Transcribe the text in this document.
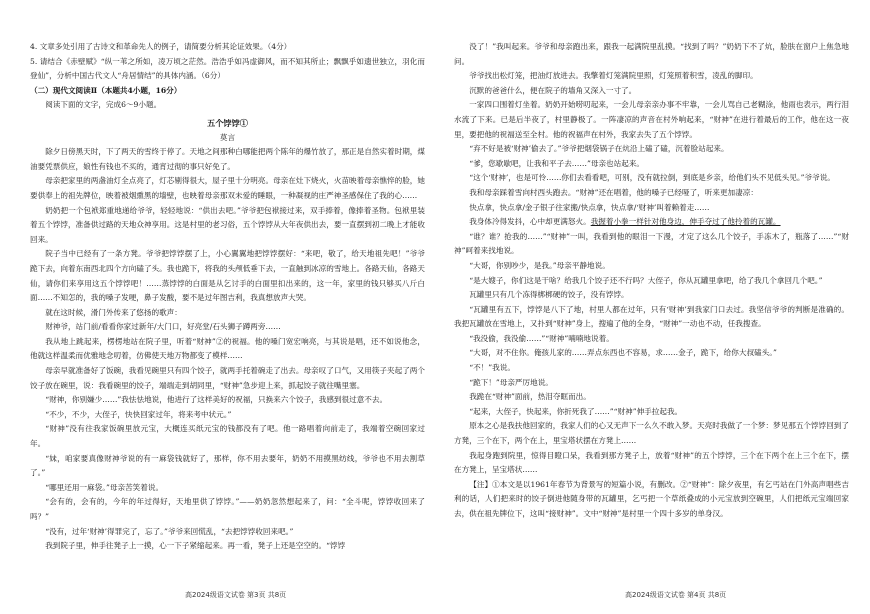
4. 文章多处引用了古诗文和革命先人的例子，请简要分析其论证效果。（4分）

5. 请结合《赤壁赋》“纵一苇之所如，凌万顷之茫然。浩浩乎如冯虚御风，而不知其所止；飘飘乎如遗世独立，羽化而登仙”，分析中国古代文人“舟居情结”的具体内涵。（6分）

（二）现代文阅读Ⅱ（本题共4小题，16分）

阅读下面的文字，完成6～9小题。

五个饽饽①

莫言

除夕日傍黑天时，下了两天的雪终于停了。天地之间那种白哪能把两个陈年的爆竹放了，那正是自然实着时期，煤油要凭票供应，娘性有钱也不买的，通宵过彻的事只好免了。

母亲把家里的两盏油灯全点亮了，灯芯剔得很大，屋子里十分明亮。母亲在灶下烧火，火苗映着母亲憔悴的脸，她要供奉上的祖先牌位，映着被烟熏黑的墙壁，也映着母亲那双未爱的睡眼，一种凝视的庄严神圣感保住了我的心……

奶奶把一个包袱郑重地递给爷爷，轻轻地说：“供出去吧。”爷爷把包袱接过来，双手捧着，像捧着圣物。包袱里装着五个饽饽，准备供过路的天地众神享用。这是村里的老习俗，五个饽饽从大年夜供出去，要一直摆到初二晚上才能收回来。

院子当中已经有了一条方凳。爷爷把饽饽摆了上，小心翼翼地把饽饽摆好：“来吧，敬了，给天地祖先吧！”爷爷跪下去，向着东南西北四个方向磕了头。我也跪下，将我的头颅低垂下去，一直触到冰凉的雪地上。各路天仙，各路天仙，请你们来享用这五个饽饽吧！……蒸饽饽的白面是从乞讨手的白面里扣出来的，这一年，家里的钱只够买八斤白面……不知怎的，我的嗓子发哽，鼻子发酸，要不是过年图吉利，我真想放声大哭。

就在这时候，滑门外传来了悠扬的歌声：

财神爷，站门前/看看你家过新年/大门口，好亮堂/石头狮子蹲两旁……

我从地上跳起来，楞楞地站在院子里，听着“财神”②的祝福。他的嗓门宽宏响亮，与其说是唱，还不如说他念，他就这样温柔而优雅地念叨着，仿佛使天地万物都变了模样……

母亲早就准备好了饭碗，我看见碗里只有四个饺子，就两手托着碗走了出去。母亲叹了口气，又用筷子夹起了两个饺子放在碗里，说：我看碗里的饺子，端端走到胡同里，“财神”急步迎上来，抓起饺子就往嘴里塞。

“财神，你别嫌少……”我怯怯地说，他进行了这样美好的祝福，只换来六个饺子，我感到很过意不去。

“不少，不少，大侄子，快快回家过年，将来考中状元。”

“财神”没有往我家饭碗里放元宝，大概连买纸元宝的钱都没有了吧。他一路唱着向前走了，我端着空碗回家过年。

“妹，咱家要真像财神爷说的有一麻袋钱就好了，那样，你不用去要年，奶奶不用摸黑纺线，爷爷也不用去割草了。”

“哪里还用一麻袋。”母亲苦笑着说。

“会有的，会有的，今年的年过得好，天地里供了饽饽。”——奶奶忽然想起来了，问：“全斗呢，饽饽收回来了吗？”

“没有，过年‘财神’得罪完了，忘了。”爷爷来回慌乱，“去把饽饽收回来吧。”

我到院子里，伸手往凳子上一摸，心一下子紧缩起来。再一看，凳子上还是空空的。“饽饽

没了！”我叫起来。爷爷和母亲跑出来，跟我一起满院里乱摸。“找到了吗？”奶奶下不了炕，脸肤在窗户上焦急地问。

爷爷找出松灯笼，把油灯放进去。我擎着灯笼满院里照，灯笼照着积雪，凌乱的脚印。

沉默的爸爸什么，便在院子的墙角又深入一寸了。

一家四口围着灯坐着。奶奶开始唠叨起来，一会儿母亲亲办事不牢靠，一会儿骂自己老糊涂，他雨也表示，两行泪水流了下来。已是后半夜了，村里静极了。一阵凄凉的声音在村外响起来，“财神”在进行着最后的工作，他在这一夜里，要把他的祝福送至全村。他的祝福声在村外，我家去失了五个饽饽。

“弃不好是被‘财神’偷去了。”爷爷把烟袋锅子在炕沿上磕了磕，沉着脸站起来。

“爹，您歇歇吧，让我和平子去……”母亲也站起来。

“这个‘财神’，也是可怜……你们去看看吧，可别，没有就拉倒，到底是乡亲，给他们头不见低头见。”爷爷说。

我和母亲踩着雪向村西头跑去。“财神”还在唱着，他的嗓子已经哑了，听来更加凄凉：

快点拿，快点拿/金子银子往家搬/快点拿，快点拿/‘财神’叫着赖着走……

我身体冷得发抖，心中却更满怒火。我握着小拳一样针对他身边，伸手夺过了他拎着的瓦罐。

“谁？谁？抢我的……”“财神”一叫，我看到他的眼泪一下漫，才定了这么几个饺子，手冻木了，瓶落了……”“财神”呵着来找地说。

“大哥，你别吵少，是我。”母亲平静地说。

“是大嫂子，你们这是干啥？给我几个饺子还不行吗？大侄子，你从瓦罐里拿吧，给了我几个拿回几个吧。”

瓦罐里只有几个冻得梆梆硬的饺子，没有饽饽。

“瓦罐里有五下，饽饽是八下了地，村里人都在过年，只有‘财神’到我家门口去过。我坚信爷爷的判断是准确的。我把瓦罐放在雪地上，又扑到“财神”身上，搜遍了他的全身，“财神”一动也不动，任我搜查。

“我没偷，我没偷……”“财神”喃喃地说着。

“大哥，对不住你。俺孩儿家的……弄点东西也不容易，求……金子，跪下，给你大叔磕头。”

“不！”我说。

“跪下！”母亲严厉地说。

我跪在“财神”面前，热泪夺眶而出。

“起来，大侄子，快起来，你折死我了……”“财神”伸手拉起我。

原本之心是我扶他回家的，我家人们的心又无声下一么久不敢入梦。天亮时我做了一个梦：梦见那五个饽饽回到了方凳，三个在下，两个在上，里宝塔状摆在方凳上……

我起身跑到院里，惊得目瞪口呆，我看到那方凳子上，放着“财神”的五个饽饽，三个在下两个在上三个在下，摆在方凳上，呈宝塔状……

【注】①本文是以1961年春节为背景写的短篇小说，有删改。②“财神”：除夕夜里，有乞丐站在门外高声唱些吉利的话，人们把来时的饺子倒进他随身带的瓦罐里，乞丐把一个草纸叠成的小元宝放到空碗里，人们把纸元宝端回家去，供在祖先牌位下，这叫“接财神”。文中“财神”是村里一个四十多岁的单身汉。

高2024级语文试卷 第3页 共8页	高2024级语文试卷 第4页 共8页
